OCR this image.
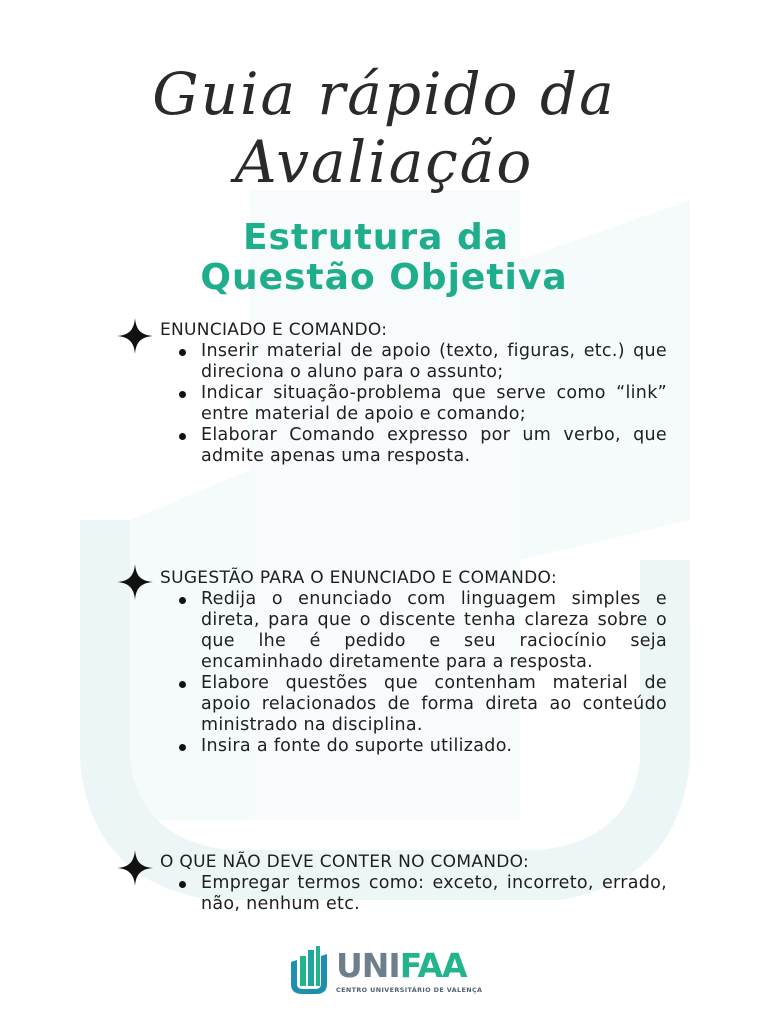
Guia rápido da
Avaliação
Estrutura da
Questão Objetiva
ENUNCIADO E COMANDO:
Inserir material de apoio (texto, figuras, etc.) que direciona o aluno para o assunto;
Indicar situação-problema que serve como “link” entre material de apoio e comando;
Elaborar Comando expresso por um verbo, que admite apenas uma resposta.
SUGESTÃO PARA O ENUNCIADO E COMANDO:
Redija o enunciado com linguagem simples e direta, para que o discente tenha clareza sobre o que lhe é pedido e seu raciocínio seja encaminhado diretamente para a resposta.
Elabore questões que contenham material de apoio relacionados de forma direta ao conteúdo ministrado na disciplina.
Insira a fonte do suporte utilizado.
O QUE NÃO DEVE CONTER NO COMANDO:
Empregar termos como: exceto, incorreto, errado, não, nenhum etc.
UNIFAA
CENTRO UNIVERSITÁRIO DE VALENÇA
